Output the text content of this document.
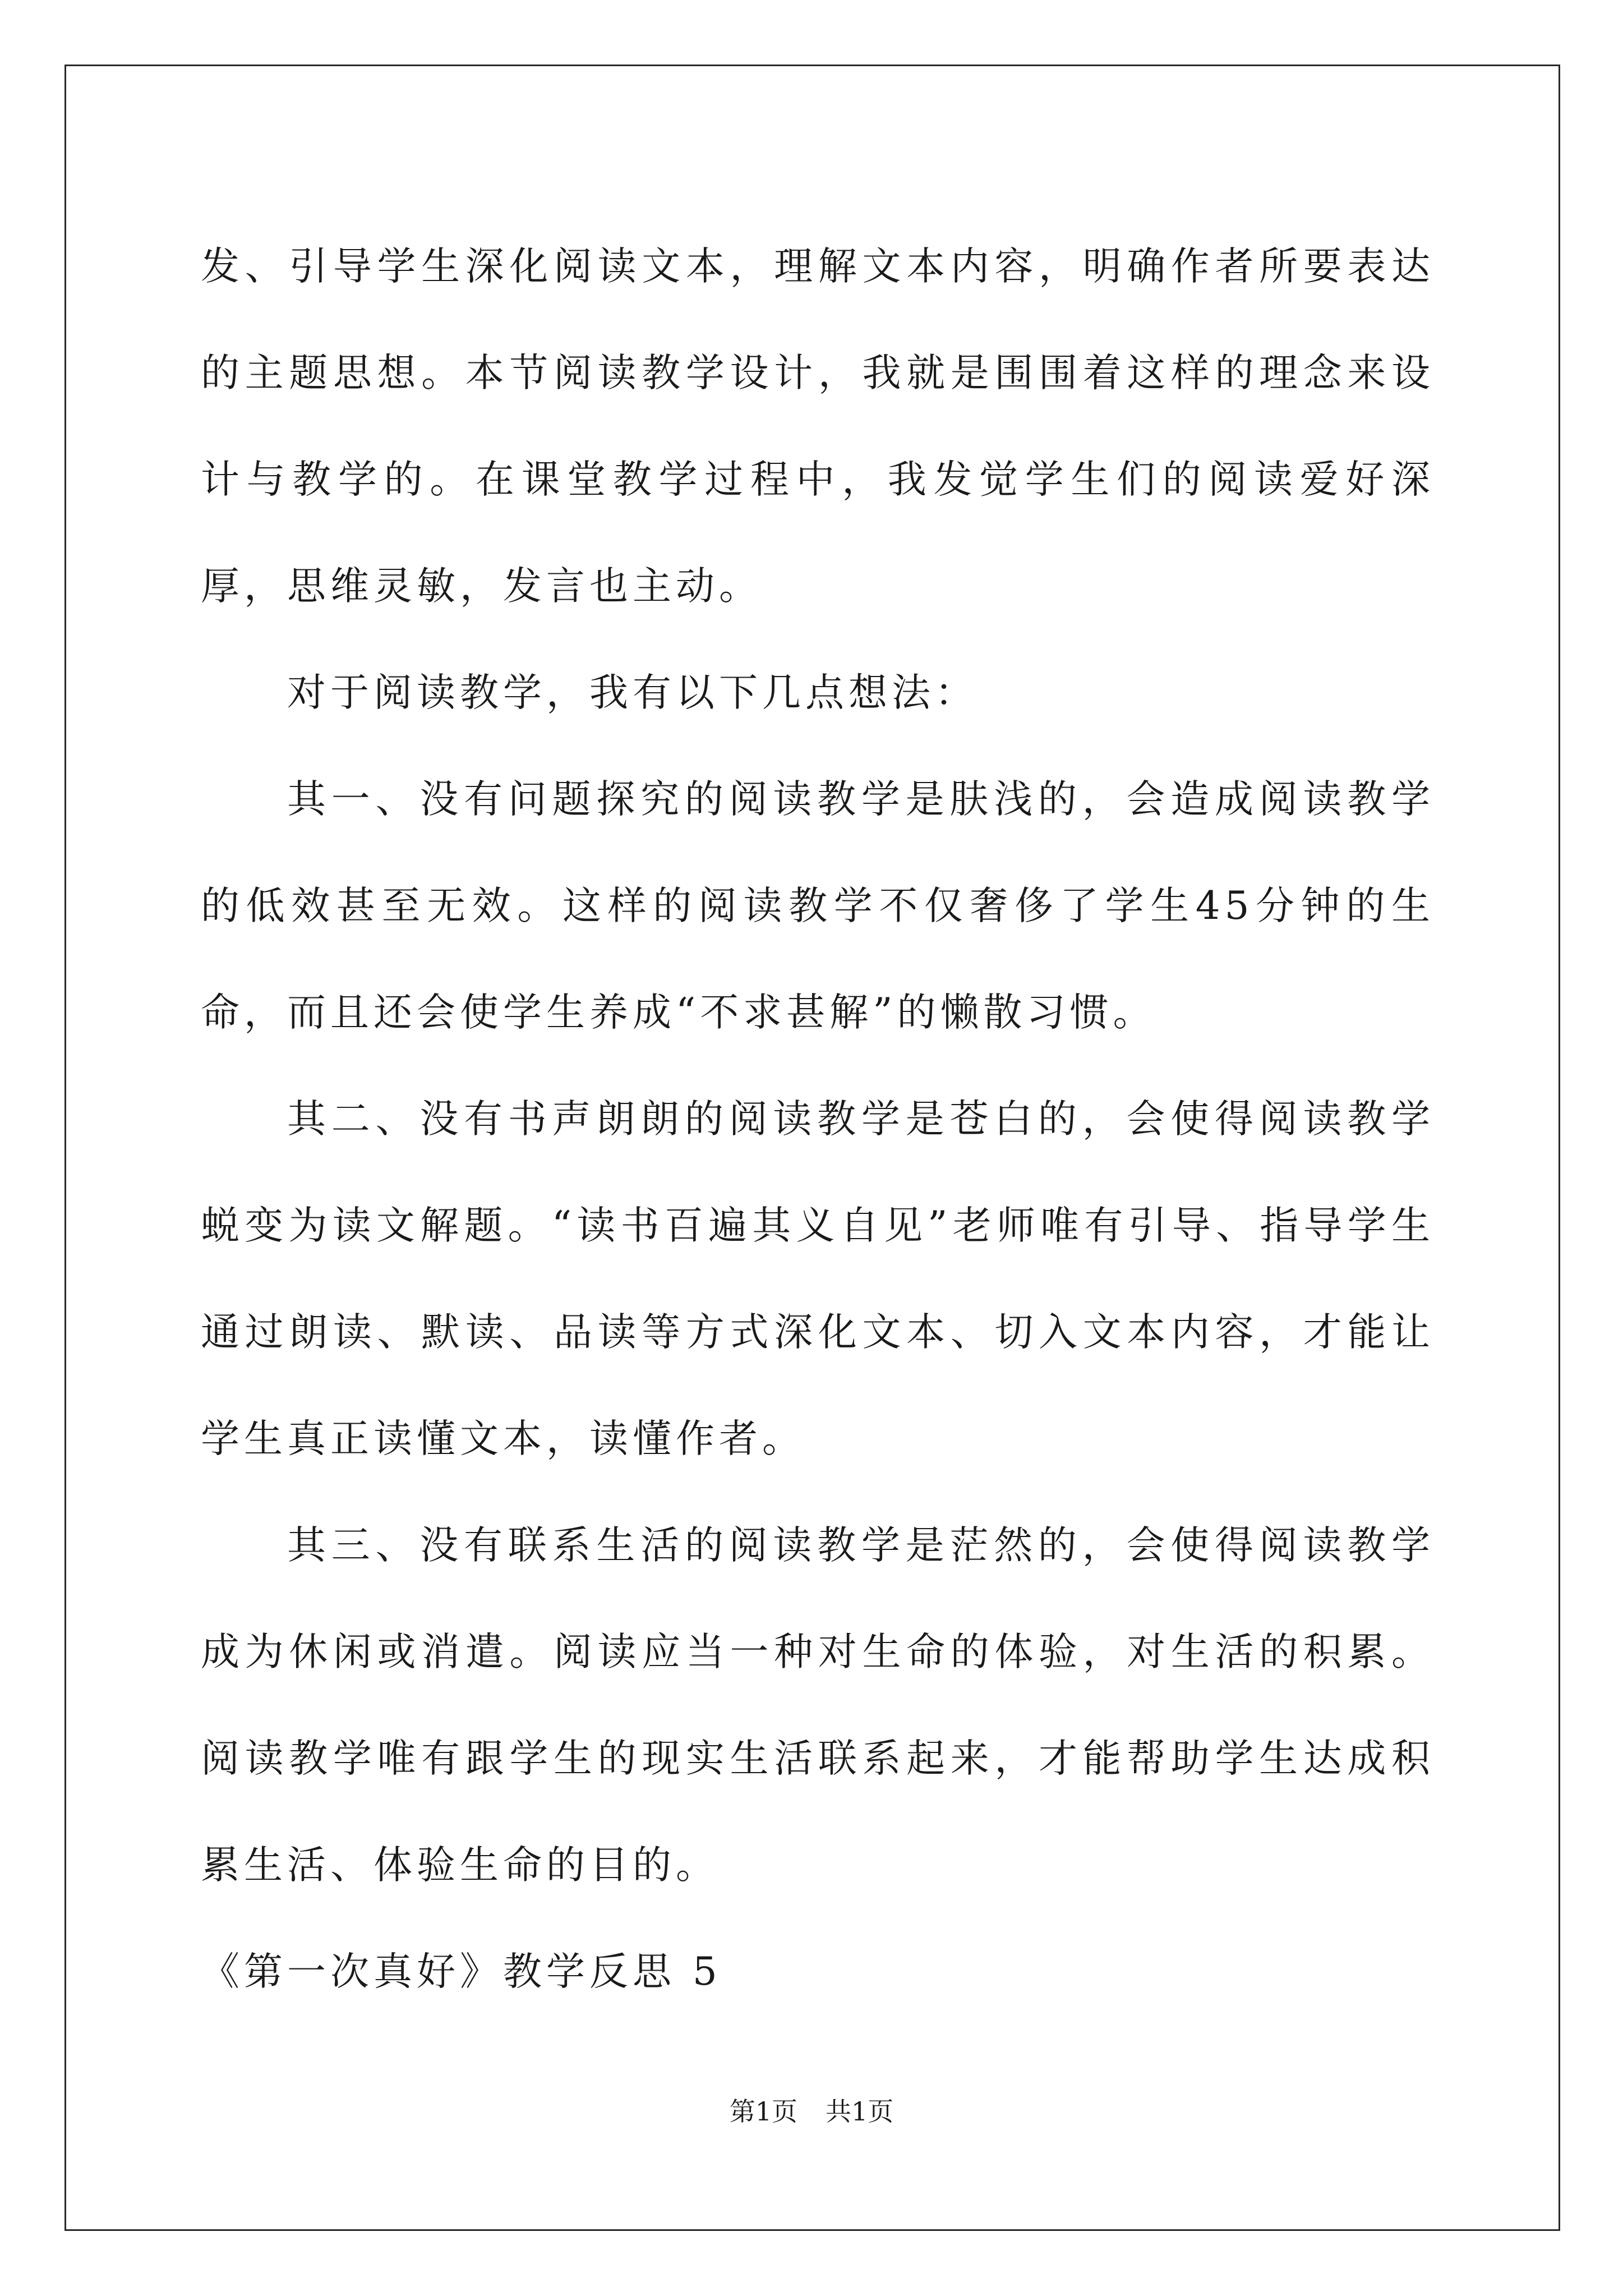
发、引导学生深化阅读文本，理解文本内容，明确作者所要表达的主题思想。本节阅读教学设计，我就是围围着这样的理念来设计与教学的。在课堂教学过程中，我发觉学生们的阅读爱好深厚，思维灵敏，发言也主动。

对于阅读教学，我有以下几点想法：

其一、没有问题探究的阅读教学是肤浅的，会造成阅读教学的低效甚至无效。这样的阅读教学不仅奢侈了学生45分钟的生命，而且还会使学生养成“不求甚解”的懒散习惯。

其二、没有书声朗朗的阅读教学是苍白的，会使得阅读教学蜕变为读文解题。“读书百遍其义自见”老师唯有引导、指导学生通过朗读、默读、品读等方式深化文本、切入文本内容，才能让学生真正读懂文本，读懂作者。

其三、没有联系生活的阅读教学是茫然的，会使得阅读教学成为休闲或消遣。阅读应当一种对生命的体验，对生活的积累。阅读教学唯有跟学生的现实生活联系起来，才能帮助学生达成积累生活、体验生命的目的。

《第一次真好》教学反思 5

第1页 共1页
